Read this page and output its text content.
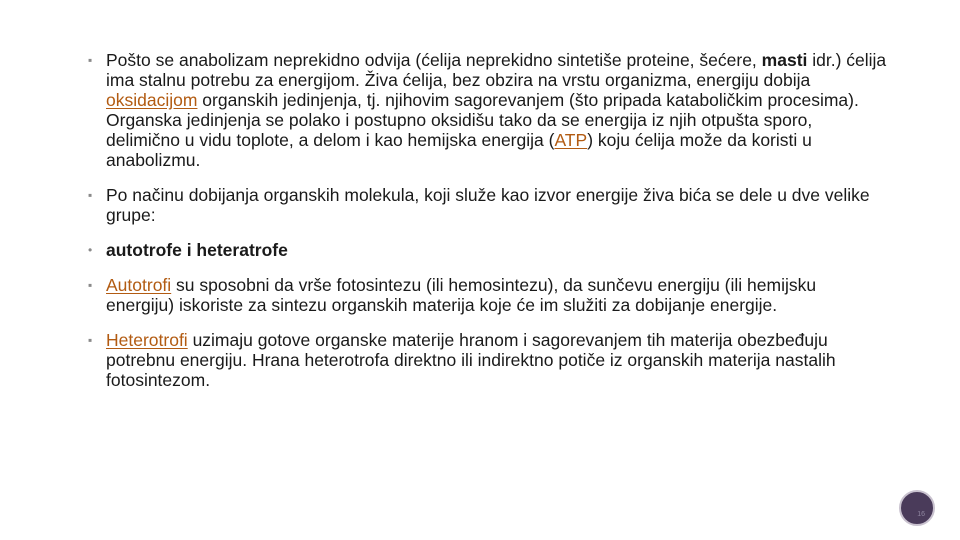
▪ Pošto se anabolizam neprekidno odvija (ćelija neprekidno sintetiše proteine, šećere, masti idr.) ćelija ima stalnu potrebu za energijom. Živa ćelija, bez obzira na vrstu organizma, energiju dobija oksidacijom organskih jedinjenja, tj. njihovim sagorevanjem (što pripada kataboličkim procesima). Organska jedinjenja se polako i postupno oksidišu tako da se energija iz njih otpušta sporo, delimično u vidu toplote, a delom i kao hemijska energija (ATP) koju ćelija može da koristi u anabolizmu.
▪ Po načinu dobijanja organskih molekula, koji služe kao izvor energije živa bića se dele u dve velike grupe:
• autotrofe i heteratrofe
▪ Autotrofi su sposobni da vrše fotosintezu (ili hemosintezu), da sunčevu energiju (ili hemijsku energiju) iskoriste za sintezu organskih materija koje će im služiti za dobijanje energije.
▪ Heterotrofi uzimaju gotove organske materije hranom i sagorevanjem tih materija obezbeđuju potrebnu energiju. Hrana heterotrofa direktno ili indirektno potiče iz organskih materija nastalih fotosintezom.
16
